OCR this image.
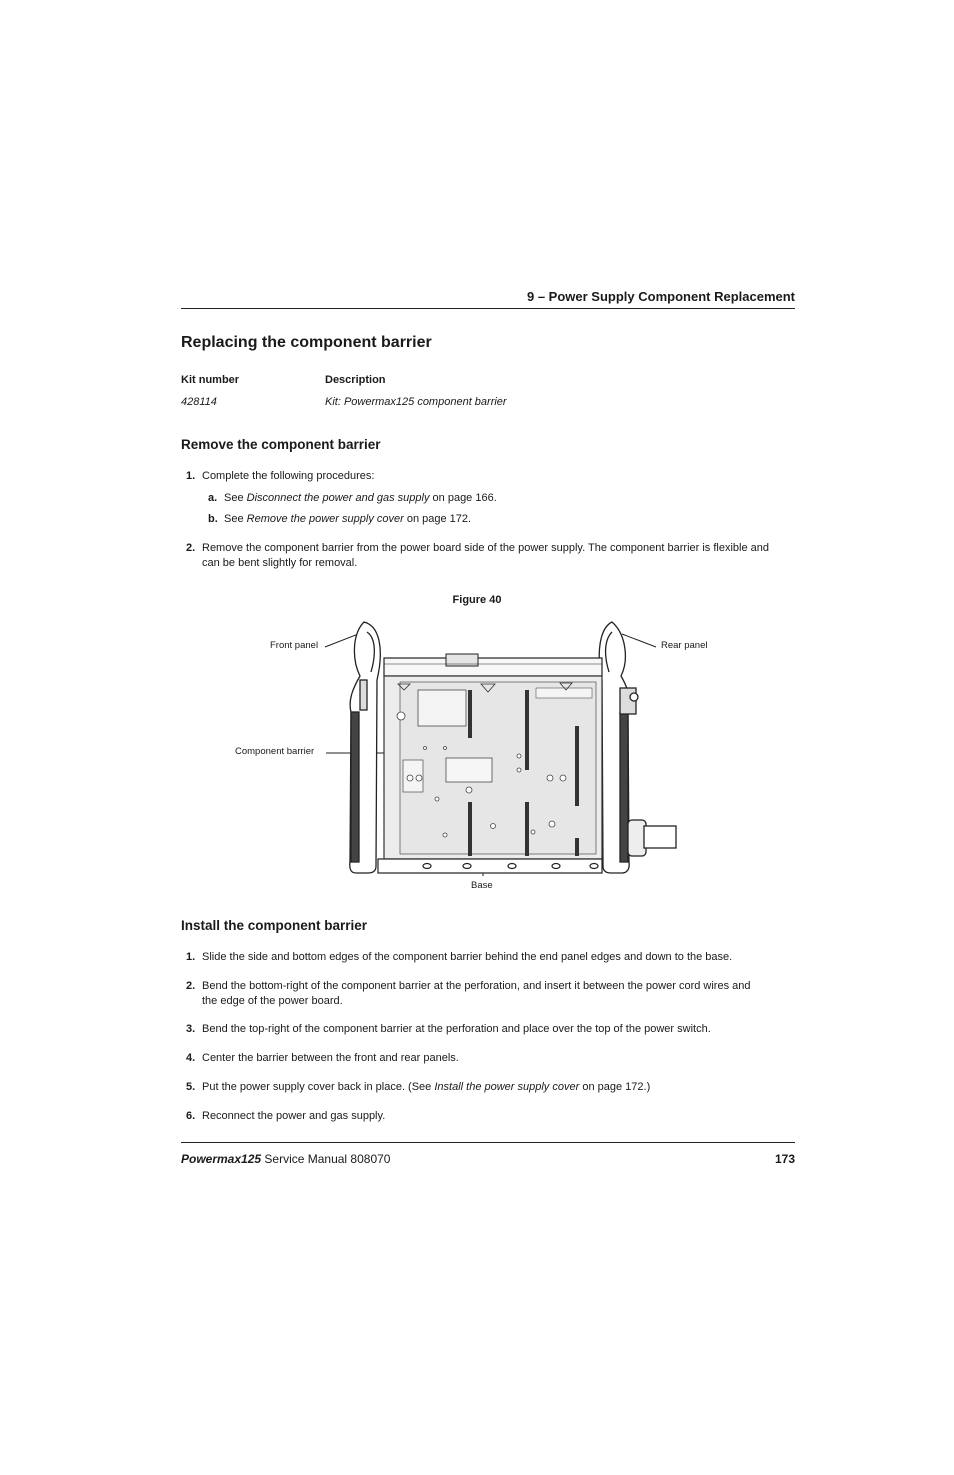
9 – Power Supply Component Replacement
Replacing the component barrier
Kit number	Description
428114	Kit: Powermax125 component barrier
Remove the component barrier
1. Complete the following procedures:
a. See Disconnect the power and gas supply on page 166.
b. See Remove the power supply cover on page 172.
2. Remove the component barrier from the power board side of the power supply. The component barrier is flexible and
can be bent slightly for removal.
Figure 40
Front panel	Rear panel
Component barrier
Base
Install the component barrier
1. Slide the side and bottom edges of the component barrier behind the end panel edges and down to the base.
2. Bend the bottom-right of the component barrier at the perforation, and insert it between the power cord wires and
the edge of the power board.
3. Bend the top-right of the component barrier at the perforation and place over the top of the power switch.
4. Center the barrier between the front and rear panels.
5. Put the power supply cover back in place. (See Install the power supply cover on page 172.)
6. Reconnect the power and gas supply.
Powermax125 Service Manual 808070	173
